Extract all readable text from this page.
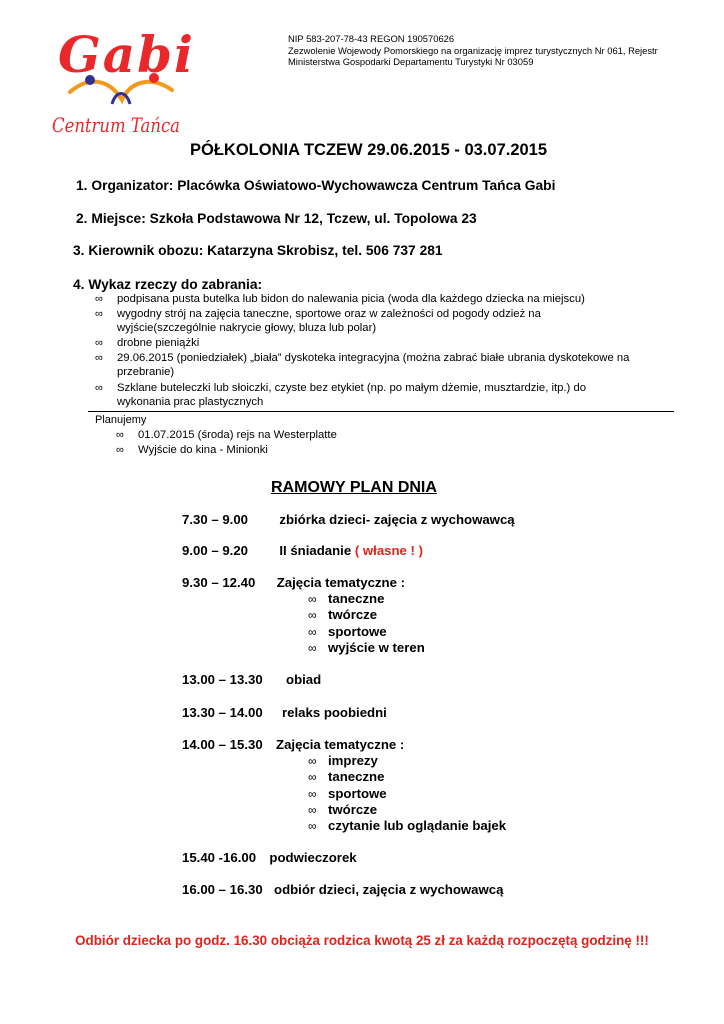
Gabi
Centrum Tańca
NIP 583-207-78-43 REGON 190570626
Zezwolenie Wojewody Pomorskiego na organizację imprez turystycznych Nr 061, Rejestr
Ministerstwa Gospodarki Departamentu Turystyki Nr 03059
PÓŁKOLONIA TCZEW 29.06.2015 - 03.07.2015
1. Organizator: Placówka Oświatowo-Wychowawcza Centrum Tańca Gabi
2. Miejsce: Szkoła Podstawowa Nr 12, Tczew, ul. Topolowa 23
3. Kierownik obozu: Katarzyna Skrobisz, tel. 506 737 281
4. Wykaz rzeczy do zabrania:
∞ podpisana pusta butelka lub bidon do nalewania picia (woda dla każdego dziecka na miejscu)
∞ wygodny strój na zajęcia taneczne, sportowe oraz w zależności od pogody odzież na
wyjście(szczególnie nakrycie głowy, bluza lub polar)
∞ drobne pieniążki
∞ 29.06.2015 (poniedziałek) „biała” dyskoteka integracyjna (można zabrać białe ubrania dyskotekowe na
przebranie)
∞ Szklane buteleczki lub słoiczki, czyste bez etykiet (np. po małym dżemie, musztardzie, itp.) do
wykonania prac plastycznych
Planujemy
∞ 01.07.2015 (środa) rejs na Westerplatte
∞ Wyjście do kina - Minionki
RAMOWY PLAN DNIA
7.30 – 9.00 zbiórka dzieci- zajęcia z wychowawcą
9.00 – 9.20 II śniadanie ( własne ! )
9.30 – 12.40 Zajęcia tematyczne :
∞ taneczne
∞ twórcze
∞ sportowe
∞ wyjście w teren
13.00 – 13.30 obiad
13.30 – 14.00 relaks poobiedni
14.00 – 15.30 Zajęcia tematyczne :
∞ imprezy
∞ taneczne
∞ sportowe
∞ twórcze
∞ czytanie lub oglądanie bajek
15.40 -16.00 podwieczorek
16.00 – 16.30 odbiór dzieci, zajęcia z wychowawcą
Odbiór dziecka po godz. 16.30 obciąża rodzica kwotą 25 zł za każdą rozpoczętą godzinę !!!
